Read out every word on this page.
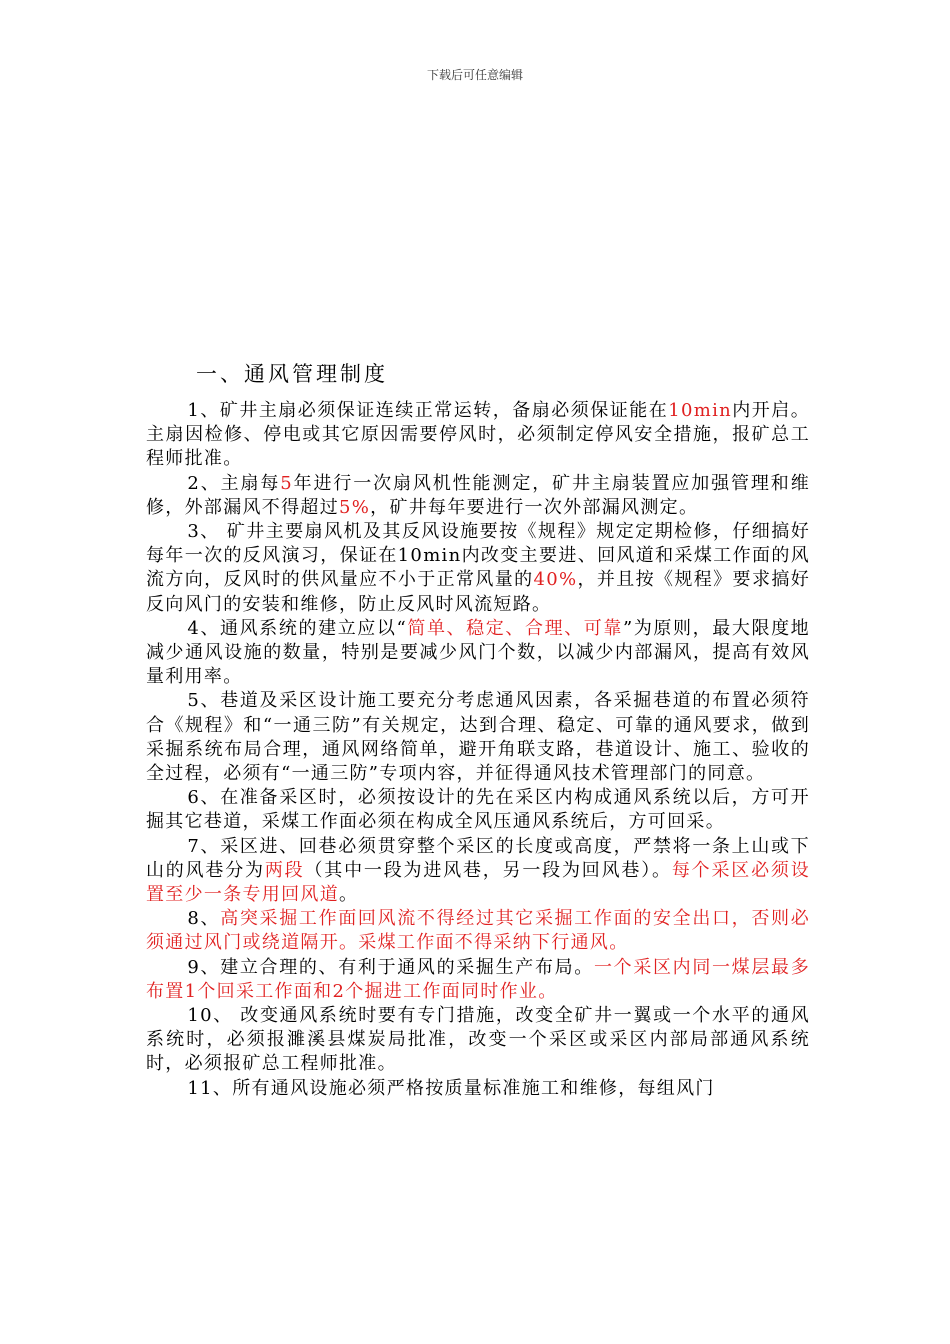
下载后可任意编辑
一、通风管理制度

1、矿井主扇必须保证连续正常运转，备扇必须保证能在10min内开启。主扇因检修、停电或其它原因需要停风时，必须制定停风安全措施，报矿总工程师批准。

2、主扇每5年进行一次扇风机性能测定，矿井主扇装置应加强管理和维修，外部漏风不得超过5%，矿井每年要进行一次外部漏风测定。

3、 矿井主要扇风机及其反风设施要按《规程》规定定期检修，仔细搞好每年一次的反风演习，保证在10min内改变主要进、回风道和采煤工作面的风流方向，反风时的供风量应不小于正常风量的40%，并且按《规程》要求搞好反向风门的安装和维修，防止反风时风流短路。

4、通风系统的建立应以“简单、稳定、合理、可靠”为原则，最大限度地减少通风设施的数量，特别是要减少风门个数，以减少内部漏风，提高有效风量利用率。

5、巷道及采区设计施工要充分考虑通风因素，各采掘巷道的布置必须符合《规程》和“一通三防”有关规定，达到合理、稳定、可靠的通风要求，做到采掘系统布局合理，通风网络简单，避开角联支路，巷道设计、施工、验收的全过程，必须有“一通三防”专项内容，并征得通风技术管理部门的同意。

6、在准备采区时，必须按设计的先在采区内构成通风系统以后，方可开掘其它巷道，采煤工作面必须在构成全风压通风系统后，方可回采。

7、采区进、回巷必须贯穿整个采区的长度或高度，严禁将一条上山或下山的风巷分为两段（其中一段为进风巷，另一段为回风巷）。每个采区必须设置至少一条专用回风道。

8、高突采掘工作面回风流不得经过其它采掘工作面的安全出口，否则必须通过风门或绕道隔开。采煤工作面不得采纳下行通风。

9、建立合理的、有利于通风的采掘生产布局。一个采区内同一煤层最多布置1个回采工作面和2个掘进工作面同时作业。

10、 改变通风系统时要有专门措施，改变全矿井一翼或一个水平的通风系统时，必须报濉溪县煤炭局批准，改变一个采区或采区内部局部通风系统时，必须报矿总工程师批准。

11、所有通风设施必须严格按质量标准施工和维修，每组风门
